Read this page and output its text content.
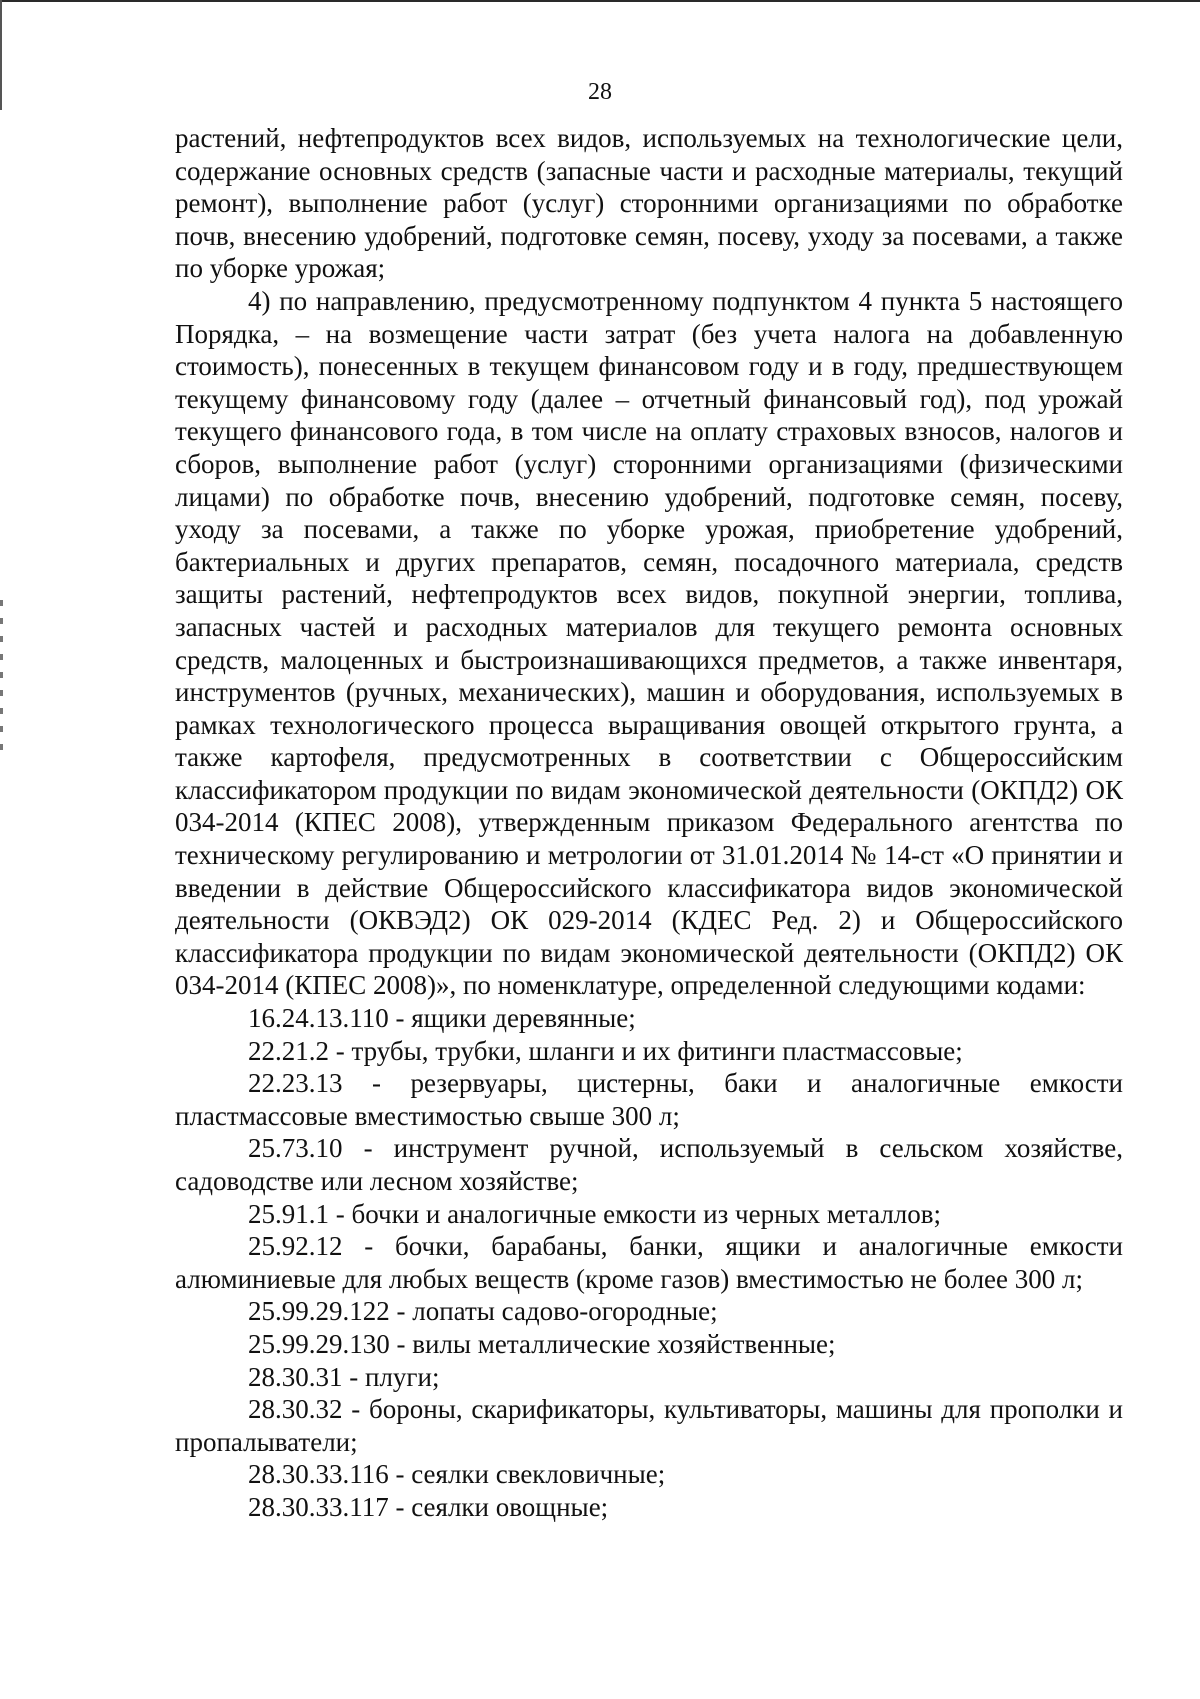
28

растений, нефтепродуктов всех видов, используемых на технологические цели, содержание основных средств (запасные части и расходные материалы, текущий ремонт), выполнение работ (услуг) сторонними организациями по обработке почв, внесению удобрений, подготовке семян, посеву, уходу за посевами, а также по уборке урожая;

4) по направлению, предусмотренному подпунктом 4 пункта 5 настоящего Порядка, – на возмещение части затрат (без учета налога на добавленную стоимость), понесенных в текущем финансовом году и в году, предшествующем текущему финансовому году (далее – отчетный финансовый год), под урожай текущего финансового года, в том числе на оплату страховых взносов, налогов и сборов, выполнение работ (услуг) сторонними организациями (физическими лицами) по обработке почв, внесению удобрений, подготовке семян, посеву, уходу за посевами, а также по уборке урожая, приобретение удобрений, бактериальных и других препаратов, семян, посадочного материала, средств защиты растений, нефтепродуктов всех видов, покупной энергии, топлива, запасных частей и расходных материалов для текущего ремонта основных средств, малоценных и быстроизнашивающихся предметов, а также инвентаря, инструментов (ручных, механических), машин и оборудования, используемых в рамках технологического процесса выращивания овощей открытого грунта, а также картофеля, предусмотренных в соответствии с Общероссийским классификатором продукции по видам экономической деятельности (ОКПД2) ОК 034-2014 (КПЕС 2008), утвержденным приказом Федерального агентства по техническому регулированию и метрологии от 31.01.2014 № 14-ст «О принятии и введении в действие Общероссийского классификатора видов экономической деятельности (ОКВЭД2) ОК 029-2014 (КДЕС Ред. 2) и Общероссийского классификатора продукции по видам экономической деятельности (ОКПД2) ОК 034-2014 (КПЕС 2008)», по номенклатуре, определенной следующими кодами:

16.24.13.110 - ящики деревянные;

22.21.2 - трубы, трубки, шланги и их фитинги пластмассовые;

22.23.13 - резервуары, цистерны, баки и аналогичные емкости пластмассовые вместимостью свыше 300 л;

25.73.10 - инструмент ручной, используемый в сельском хозяйстве, садоводстве или лесном хозяйстве;

25.91.1 - бочки и аналогичные емкости из черных металлов;

25.92.12 - бочки, барабаны, банки, ящики и аналогичные емкости алюминиевые для любых веществ (кроме газов) вместимостью не более 300 л;

25.99.29.122 - лопаты садово-огородные;

25.99.29.130 - вилы металлические хозяйственные;

28.30.31 - плуги;

28.30.32 - бороны, скарификаторы, культиваторы, машины для прополки и пропалыватели;

28.30.33.116 - сеялки свекловичные;

28.30.33.117 - сеялки овощные;
